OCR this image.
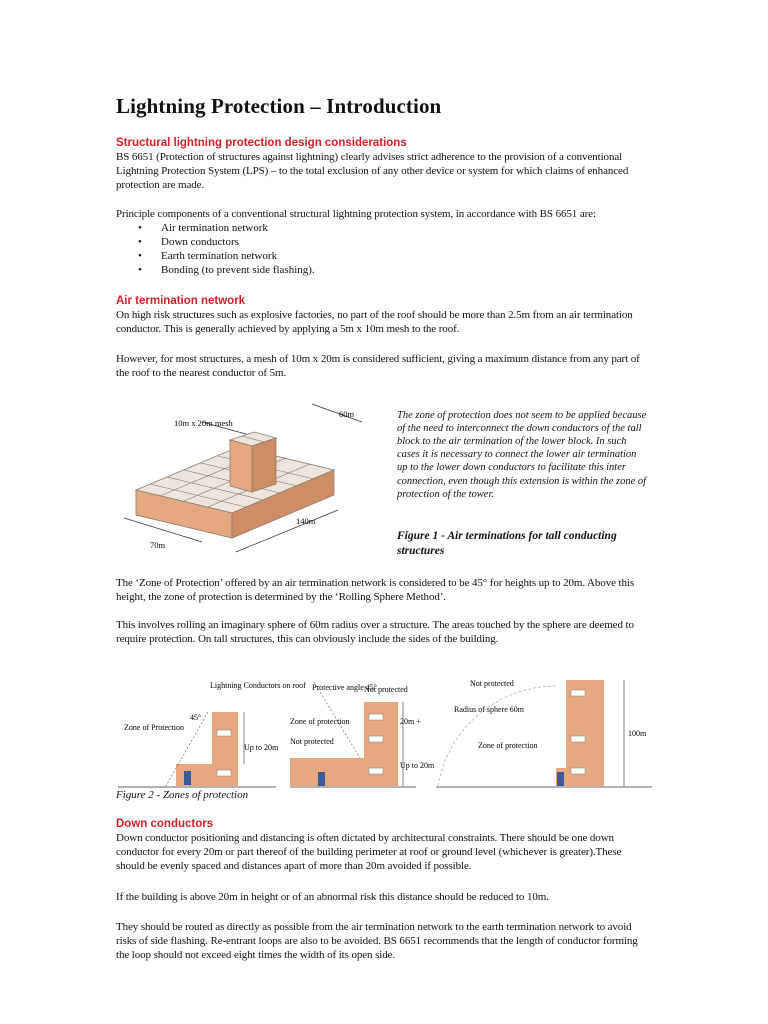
Lightning Protection – Introduction
Structural lightning protection design considerations

BS 6651 (Protection of structures against lightning) clearly advises strict adherence to the provision of a conventional Lightning Protection System (LPS) – to the total exclusion of any other device or system for which claims of enhanced protection are made.

Principle components of a conventional structural lightning protection system, in accordance with BS 6651 are:

• Air termination network
• Down conductors
• Earth termination network
• Bonding (to prevent side flashing).
Air termination network

On high risk structures such as explosive factories, no part of the roof should be more than 2.5m from an air termination conductor. This is generally achieved by applying a 5m x 10m mesh to the roof.

However, for most structures, a mesh of 10m x 20m is considered sufficient, giving a maximum distance from any part of the roof to the nearest conductor of 5m.

10m x 20m mesh
60m
140m
70m

The zone of protection does not seem to be applied because of the need to interconnect the down conductors of the tall block to the air termination of the lower block. In such cases it is necessary to connect the lower air termination up to the lower down conductors to facilitate this inter connection, even though this extension is within the zone of protection of the tower.

Figure 1 - Air terminations for tall conducting structures

The ‘Zone of Protection’ offered by an air termination network is considered to be 45° for heights up to 20m. Above this height, the zone of protection is determined by the ‘Rolling Sphere Method’.

This involves rolling an imaginary sphere of 60m radius over a structure. The areas touched by the sphere are deemed to require protection. On tall structures, this can obviously include the sides of the building.

Lightning Conductors on roof
45°
Zone of Protection
Up to 20m
Protective angle 45°
Not protected
Zone of protection
Not protected
20m +
Up to 20m
Not protected
Radius of sphere 60m
Zone of protection
100m

Figure 2 - Zones of protection

Down conductors

Down conductor positioning and distancing is often dictated by architectural constraints. There should be one down conductor for every 20m or part thereof of the building perimeter at roof or ground level (whichever is greater).These should be evenly spaced and distances apart of more than 20m avoided if possible.

If the building is above 20m in height or of an abnormal risk this distance should be reduced to 10m.

They should be routed as directly as possible from the air termination network to the earth termination network to avoid risks of side flashing. Re-entrant loops are also to be avoided. BS 6651 recommends that the length of conductor forming the loop should not exceed eight times the width of its open side.
